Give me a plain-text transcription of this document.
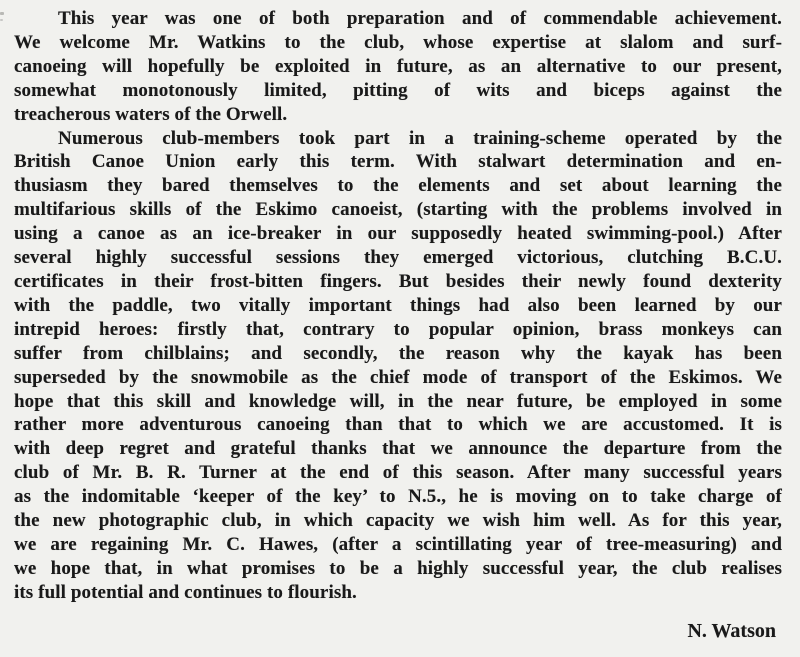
This year was one of both preparation and of commendable achievement.
We welcome Mr. Watkins to the club, whose expertise at slalom and surf-
canoeing will hopefully be exploited in future, as an alternative to our present,
somewhat monotonously limited, pitting of wits and biceps against the
treacherous waters of the Orwell.
Numerous club-members took part in a training-scheme operated by the
British Canoe Union early this term. With stalwart determination and en-
thusiasm they bared themselves to the elements and set about learning the
multifarious skills of the Eskimo canoeist, (starting with the problems involved in
using a canoe as an ice-breaker in our supposedly heated swimming-pool.) After
several highly successful sessions they emerged victorious, clutching B.C.U.
certificates in their frost-bitten fingers. But besides their newly found dexterity
with the paddle, two vitally important things had also been learned by our
intrepid heroes: firstly that, contrary to popular opinion, brass monkeys can
suffer from chilblains; and secondly, the reason why the kayak has been
superseded by the snowmobile as the chief mode of transport of the Eskimos. We
hope that this skill and knowledge will, in the near future, be employed in some
rather more adventurous canoeing than that to which we are accustomed. It is
with deep regret and grateful thanks that we announce the departure from the
club of Mr. B. R. Turner at the end of this season. After many successful years
as the indomitable ‘keeper of the key’ to N.5., he is moving on to take charge of
the new photographic club, in which capacity we wish him well. As for this year,
we are regaining Mr. C. Hawes, (after a scintillating year of tree-measuring) and
we hope that, in what promises to be a highly successful year, the club realises
its full potential and continues to flourish.
N. Watson
